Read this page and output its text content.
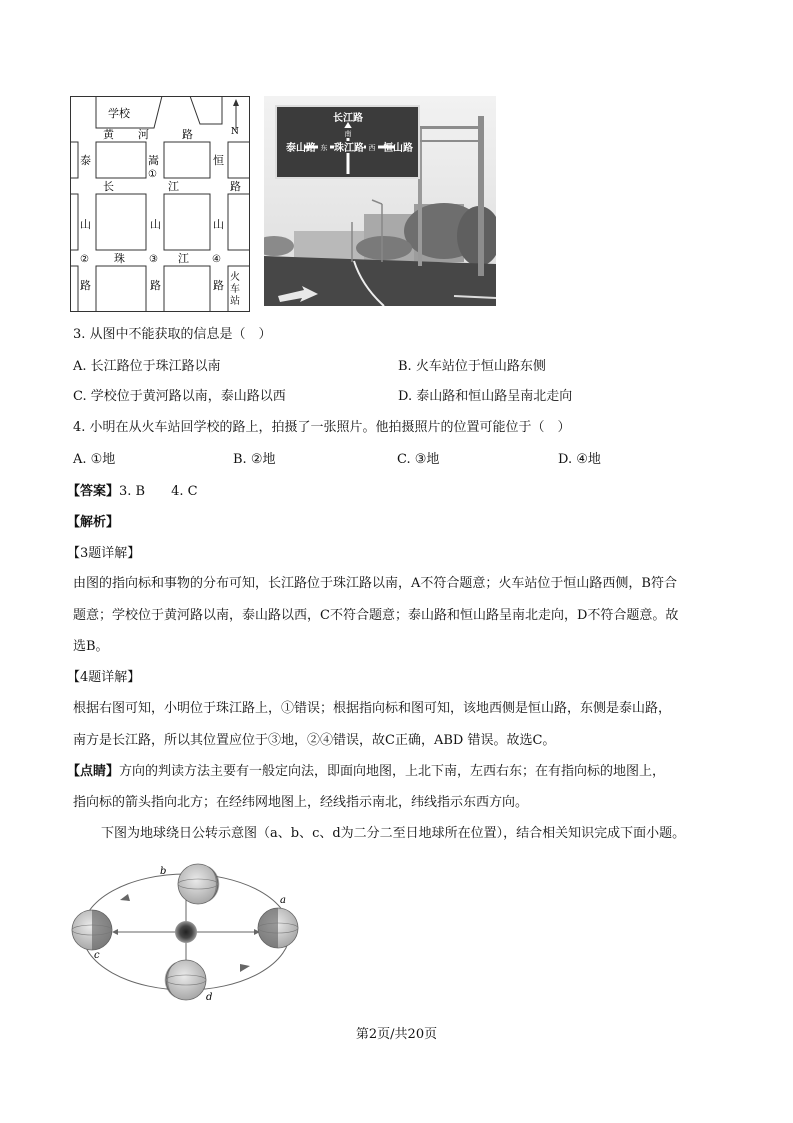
N
学校
黄 河	路
泰	嵩
①
恒
长	江	路
山	山	山
② 珠 ③ 江 ④
路	路	路
火
车
站
长江路
南
泰山路 东 珠江路 西 恒山路
3. 从图中不能获取的信息是（　）
A. 长江路位于珠江路以南	B. 火车站位于恒山路东侧
C. 学校位于黄河路以南，泰山路以西	D. 泰山路和恒山路呈南北走向
4. 小明在从火车站回学校的路上，拍摄了一张照片。他拍摄照片的位置可能位于（　）
A. ①地	B. ②地	C. ③地	D. ④地
【答案】3. B　　4. C
【解析】
【3题详解】
由图的指向标和事物的分布可知，长江路位于珠江路以南，A不符合题意；火车站位于恒山路西侧，B符合
题意；学校位于黄河路以南，泰山路以西，C不符合题意；泰山路和恒山路呈南北走向，D不符合题意。故
选B。
【4题详解】
根据右图可知，小明位于珠江路上，①错误；根据指向标和图可知，该地西侧是恒山路，东侧是泰山路，
南方是长江路，所以其位置应位于③地，②④错误，故C正确，ABD 错误。故选C。
【点睛】方向的判读方法主要有一般定向法，即面向地图，上北下南，左西右东；在有指向标的地图上，
指向标的箭头指向北方；在经纬网地图上，经线指示南北，纬线指示东西方向。
下图为地球绕日公转示意图（a、b、c、d为二分二至日地球所在位置），结合相关知识完成下面小题。
a
b
c
d
第2页/共20页
